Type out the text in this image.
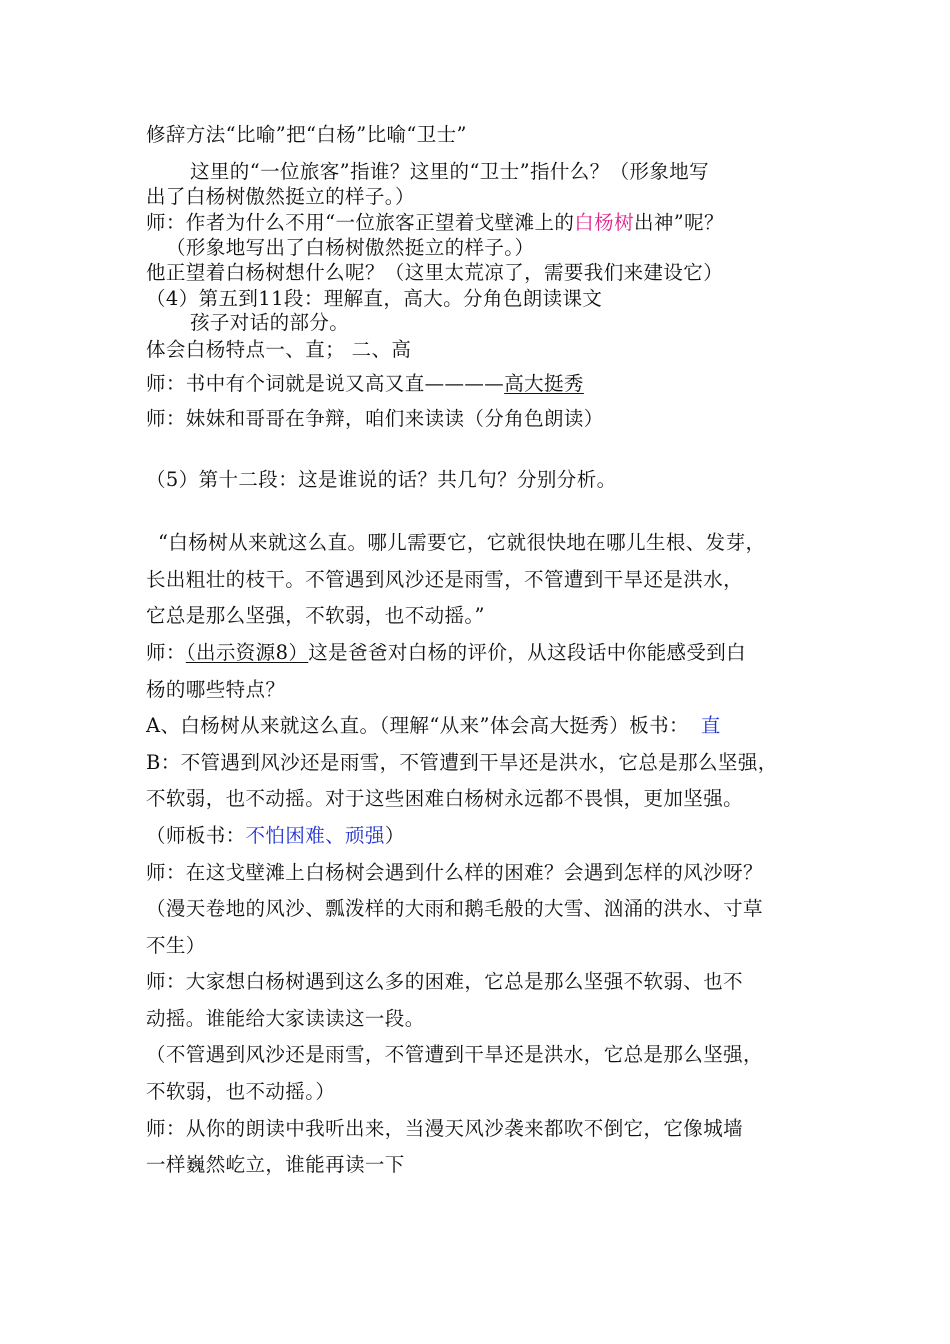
修辞方法“比喻”把“白杨”比喻“卫士”
这里的“一位旅客”指谁？这里的“卫士”指什么？（形象地写
出了白杨树傲然挺立的样子。）
师：作者为什么不用“一位旅客正望着戈壁滩上的白杨树出神”呢？
（形象地写出了白杨树傲然挺立的样子。）
他正望着白杨树想什么呢？（这里太荒凉了，需要我们来建设它）
（4）第五到11段：理解直，高大。分角色朗读课文
孩子对话的部分。
体会白杨特点一、直； 二、高
师：书中有个词就是说又高又直————高大挺秀
师：妹妹和哥哥在争辩，咱们来读读（分角色朗读）
（5）第十二段：这是谁说的话？共几句？分别分析。
“白杨树从来就这么直。哪儿需要它，它就很快地在哪儿生根、发芽，
长出粗壮的枝干。不管遇到风沙还是雨雪，不管遭到干旱还是洪水，
它总是那么坚强，不软弱，也不动摇。”
师：（出示资源8）这是爸爸对白杨的评价，从这段话中你能感受到白
杨的哪些特点？
A、白杨树从来就这么直。（理解“从来”体会高大挺秀）板书： 直
B：不管遇到风沙还是雨雪，不管遭到干旱还是洪水，它总是那么坚强，
不软弱，也不动摇。对于这些困难白杨树永远都不畏惧，更加坚强。
（师板书：不怕困难、顽强）
师：在这戈壁滩上白杨树会遇到什么样的困难？会遇到怎样的风沙呀？
（漫天卷地的风沙、瓢泼样的大雨和鹅毛般的大雪、汹涌的洪水、寸草
不生）
师：大家想白杨树遇到这么多的困难，它总是那么坚强不软弱、也不
动摇。谁能给大家读读这一段。
（不管遇到风沙还是雨雪，不管遭到干旱还是洪水，它总是那么坚强，
不软弱，也不动摇。）
师：从你的朗读中我听出来，当漫天风沙袭来都吹不倒它，它像城墙
一样巍然屹立，谁能再读一下
